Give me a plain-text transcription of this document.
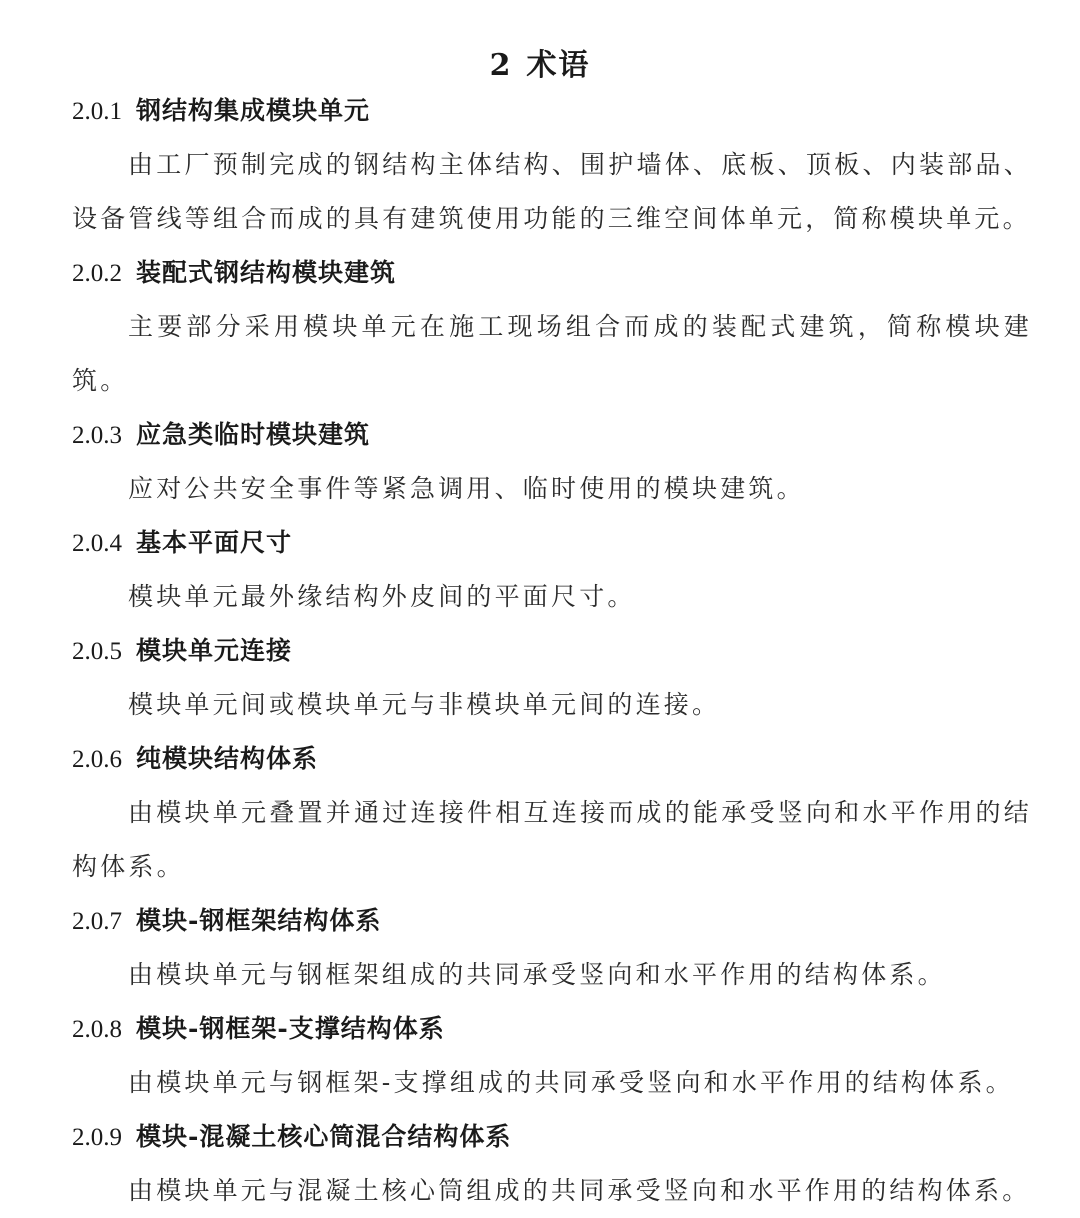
2 术语
2.0.1 钢结构集成模块单元
由工厂预制完成的钢结构主体结构、围护墙体、底板、顶板、内装部品、设备管线等组合而成的具有建筑使用功能的三维空间体单元，简称模块单元。
2.0.2 装配式钢结构模块建筑
主要部分采用模块单元在施工现场组合而成的装配式建筑，简称模块建筑。
2.0.3 应急类临时模块建筑
应对公共安全事件等紧急调用、临时使用的模块建筑。
2.0.4 基本平面尺寸
模块单元最外缘结构外皮间的平面尺寸。
2.0.5 模块单元连接
模块单元间或模块单元与非模块单元间的连接。
2.0.6 纯模块结构体系
由模块单元叠置并通过连接件相互连接而成的能承受竖向和水平作用的结构体系。
2.0.7 模块-钢框架结构体系
由模块单元与钢框架组成的共同承受竖向和水平作用的结构体系。
2.0.8 模块-钢框架-支撑结构体系
由模块单元与钢框架-支撑组成的共同承受竖向和水平作用的结构体系。
2.0.9 模块-混凝土核心筒混合结构体系
由模块单元与混凝土核心筒组成的共同承受竖向和水平作用的结构体系。
